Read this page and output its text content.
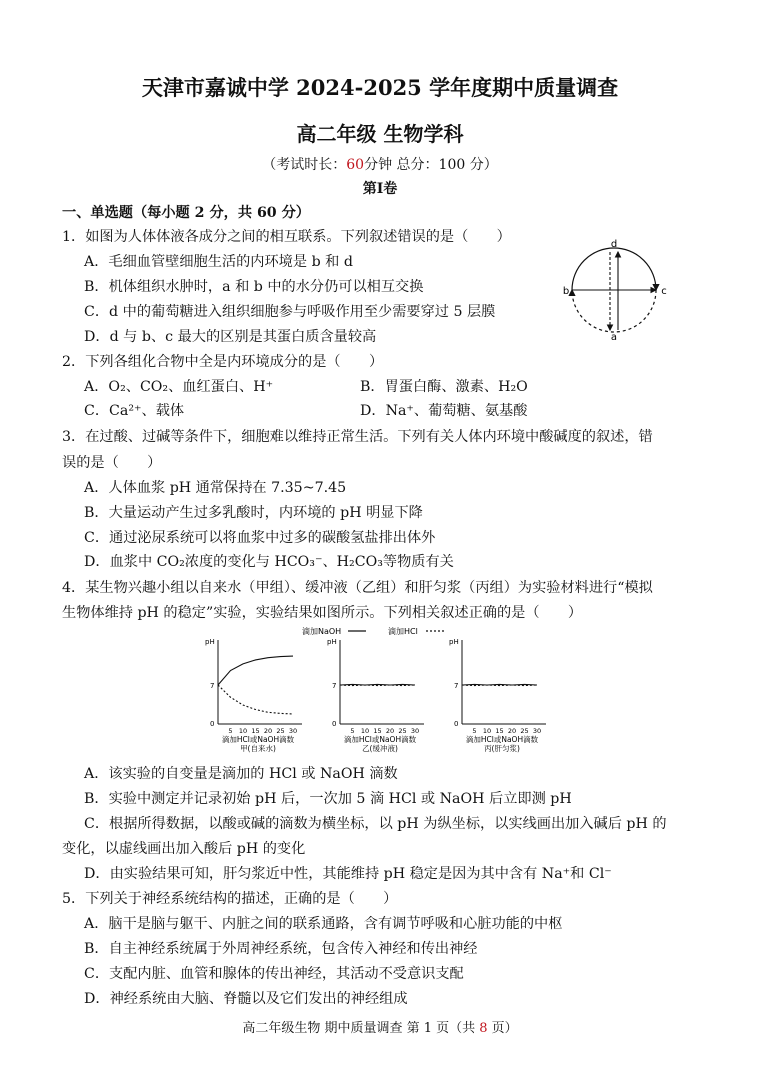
天津市嘉诚中学 2024-2025 学年度期中质量调查
高二年级 生物学科
（考试时长：60分钟 总分：100 分）
第Ⅰ卷
一、单选题（每小题 2 分，共 60 分）
1．如图为人体体液各成分之间的相互联系。下列叙述错误的是（　　）
A．毛细血管壁细胞生活的内环境是 b 和 d
B．机体组织水肿时，a 和 b 中的水分仍可以相互交换
C．d 中的葡萄糖进入组织细胞参与呼吸作用至少需要穿过 5 层膜
D．d 与 b、c 最大的区别是其蛋白质含量较高
d
b	c
a
2．下列各组化合物中全是内环境成分的是（　　）
A．O₂、CO₂、血红蛋白、H⁺	B．胃蛋白酶、激素、H₂O
C．Ca²⁺、载体	D．Na⁺、葡萄糖、氨基酸
3．在过酸、过碱等条件下，细胞难以维持正常生活。下列有关人体内环境中酸碱度的叙述，错
误的是（　　）
A．人体血浆 pH 通常保持在 7.35~7.45
B．大量运动产生过多乳酸时，内环境的 pH 明显下降
C．通过泌尿系统可以将血浆中过多的碳酸氢盐排出体外
D．血浆中 CO₂浓度的变化与 HCO₃⁻、H₂CO₃等物质有关
4．某生物兴趣小组以自来水（甲组）、缓冲液（乙组）和肝匀浆（丙组）为实验材料进行“模拟
生物体维持 pH 的稳定”实验，实验结果如图所示。下列相关叙述正确的是（　　）
滴加NaOH	滴加HCl
pH
7
0
5 10 15 20 25 30
滴加HCl或NaOH滴数
甲(自来水)
pH
7
0
5 10 15 20 25 30
滴加HCl或NaOH滴数
乙(缓冲液)
pH
7
0
5 10 15 20 25 30
滴加HCl或NaOH滴数
丙(肝匀浆)
A．该实验的自变量是滴加的 HCl 或 NaOH 滴数
B．实验中测定并记录初始 pH 后，一次加 5 滴 HCl 或 NaOH 后立即测 pH
C．根据所得数据，以酸或碱的滴数为横坐标，以 pH 为纵坐标，以实线画出加入碱后 pH 的
变化，以虚线画出加入酸后 pH 的变化
D．由实验结果可知，肝匀浆近中性，其能维持 pH 稳定是因为其中含有 Na⁺和 Cl⁻
5．下列关于神经系统结构的描述，正确的是（　　）
A．脑干是脑与躯干、内脏之间的联系通路，含有调节呼吸和心脏功能的中枢
B．自主神经系统属于外周神经系统，包含传入神经和传出神经
C．支配内脏、血管和腺体的传出神经，其活动不受意识支配
D．神经系统由大脑、脊髓以及它们发出的神经组成
高二年级生物 期中质量调查 第 1 页（共 8 页）
